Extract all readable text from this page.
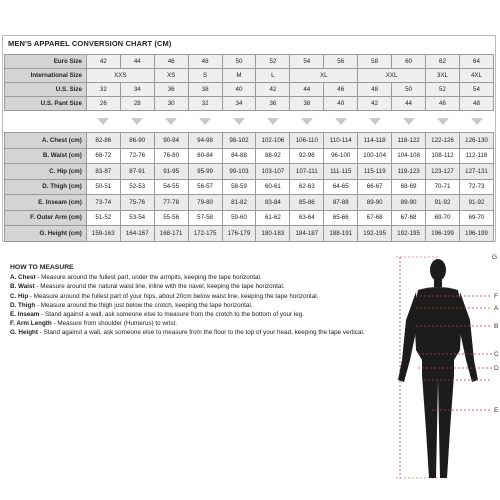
MEN'S APPAREL CONVERSION CHART (CM)
Euro Size	42	44	46	48	50	52	54	56	58	60	62	64
International Size	XXS		XS	S	M	L	XL		XXL		3XL	4XL
U.S. Size	32	34	36	38	40	42	44	46	48	50	52	54
U.S. Pant Size	26	28	30	32	34	36	38	40	42	44	46	48
A. Chest (cm)	82-86	86-90	90-94	94-98	98-102	102-106	106-110	110-114	114-118	118-122	122-126	126-130
B. Waist (cm)	68-72	72-76	76-80	80-84	84-88	88-92	92-96	96-100	100-104	104-108	108-112	112-116
C. Hip (cm)	83-87	87-91	91-95	95-99	99-103	103-107	107-111	111-115	115-119	119-123	123-127	127-131
D. Thigh (cm)	50-51	52-53	54-55	56-57	58-59	60-61	62-63	64-65	66-67	68-69	70-71	72-73
E. Inseam (cm)	73-74	75-76	77-78	79-80	81-82	83-84	85-86	87-88	89-90	89-90	91-92	91-92
F. Outer Arm (cm)	51-52	53-54	55-56	57-58	59-60	61-62	63-64	65-66	67-68	67-68	69-70	69-70
G. Height (cm)	159-163	164-167	168-171	172-175	176-179	180-183	184-187	188-191	192-195	192-195	196-199	196-199
HOW TO MEASURE
A. Chest - Measure around the fullest part, under the armpits, keeping the tape horizontal.
B. Waist - Measure around the natural waist line, inline with the navel, keeping the tape horizontal.
C. Hip - Measure around the fullest part of your hips, about 20cm below waist line, keeping the tape horizontal.
D. Thigh - Measure around the thigh just below the crotch, keeping the tape horizontal.
E. Inseam - Stand against a wall, ask someone else to measure from the crotch to the bottom of your leg.
F. Arm Length - Measure from shoulder (Humerus) to wrist.
G. Height - Stand against a wall, ask someone else to measure from the floor to the top of your head, keeping the tape vertical.
G
F
A
B
C
D
E
